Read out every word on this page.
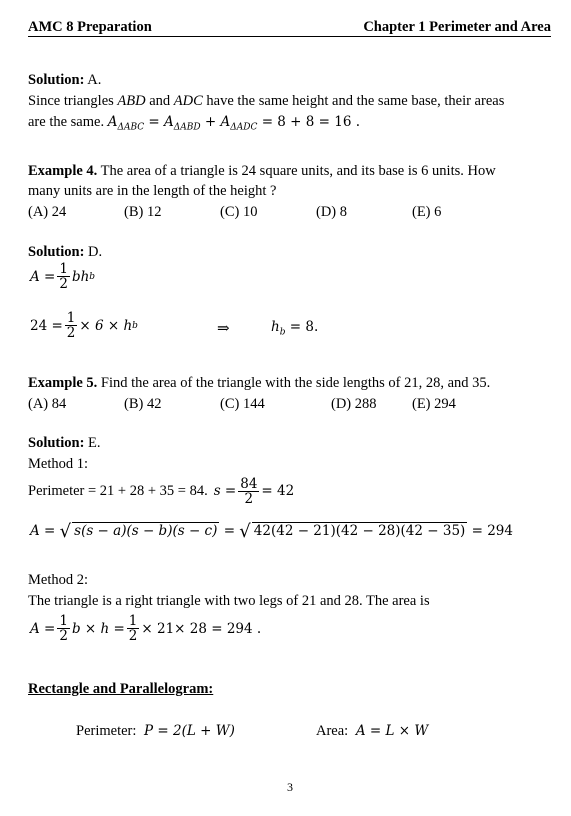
AMC 8 Preparation	Chapter 1 Perimeter and Area
Solution: A.
Since triangles ABD and ADC have the same height and the same base, their areas
are the same. $A_{\Delta ABC} = A_{\Delta ABD} + A_{\Delta ADC} = 8 + 8 = 16$ .
Example 4. The area of a triangle is 24 square units, and its base is 6 units. How
many units are in the length of the height ?
(A) 24	(B) 12	(C) 10	(D) 8	(E) 6
Solution: D.
$A = \frac{1}{2}$ bh b
$24 = \frac{1}{2} \times 6 \times h$ b	⇒	$h_b = 8$.
Example 5. Find the area of the triangle with the side lengths of 21, 28, and 35.
(A) 84	(B) 42	(C) 144	(D) 288 (E) 294
Solution: E.
Method 1:
Perimeter = 21 + 28 + 35 = 84. $s = \frac{84}{2} = 42$
A = √ s(s − a)(s − b)(s − c) = √ 42(42 − 21)(42 − 28)(42 − 35) = 294
Method 2:
The triangle is a right triangle with two legs of 21 and 28. The area is
$A = \frac{1}{2}$ $b \times h = \frac{1}{2} \times 21\times 28 = 294$ .
Rectangle and Parallelogram:
Perimeter: P = 2(L + W)	Area: A = L × W
3
